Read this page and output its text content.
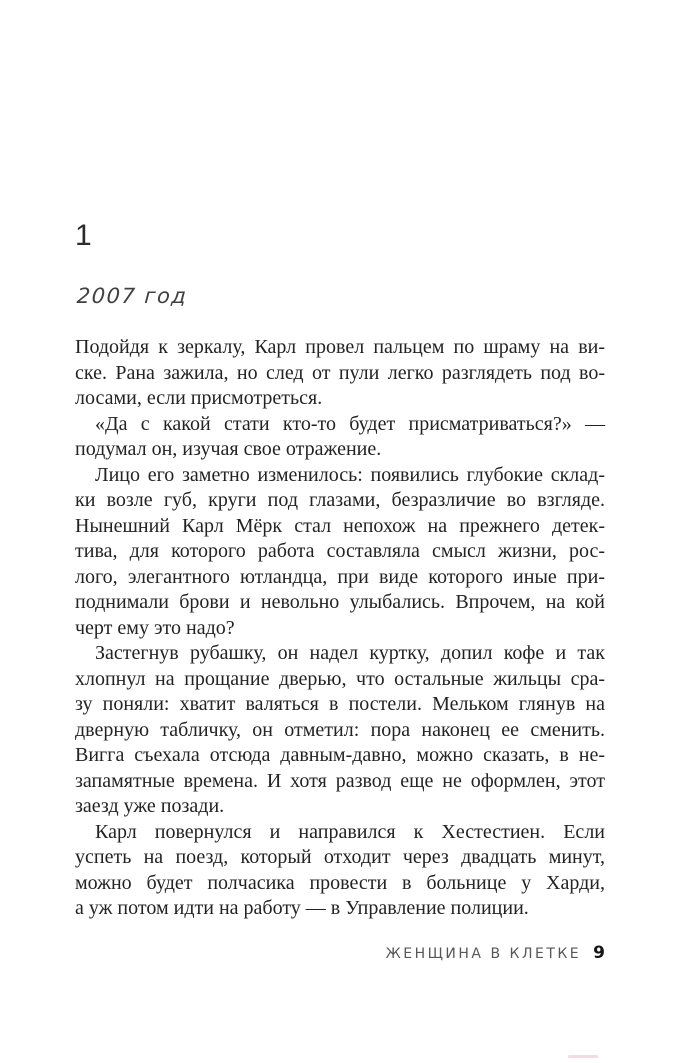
1
2007 год

Подойдя к зеркалу, Карл провел пальцем по шраму на ви-
ске. Рана зажила, но след от пули легко разглядеть под во-
лосами, если присмотреться.

«Да с какой стати кто-то будет присматриваться?» —
подумал он, изучая свое отражение.

Лицо его заметно изменилось: появились глубокие склад-
ки возле губ, круги под глазами, безразличие во взгляде.
Нынешний Карл Мёрк стал непохож на прежнего детек-
тива, для которого работа составляла смысл жизни, рос-
лого, элегантного ютландца, при виде которого иные при-
поднимали брови и невольно улыбались. Впрочем, на кой
черт ему это надо?

Застегнув рубашку, он надел куртку, допил кофе и так
хлопнул на прощание дверью, что остальные жильцы сра-
зу поняли: хватит валяться в постели. Мельком глянув на
дверную табличку, он отметил: пора наконец ее сменить.
Вигга съехала отсюда давным-давно, можно сказать, в не-
запамятные времена. И хотя развод еще не оформлен, этот
заезд уже позади.

Карл повернулся и направился к Хестестиен. Если
успеть на поезд, который отходит через двадцать минут,
можно будет полчасика провести в больнице у Харди,
а уж потом идти на работу — в Управление полиции.

ЖЕНЩИНА В КЛЕТКЕ 9
